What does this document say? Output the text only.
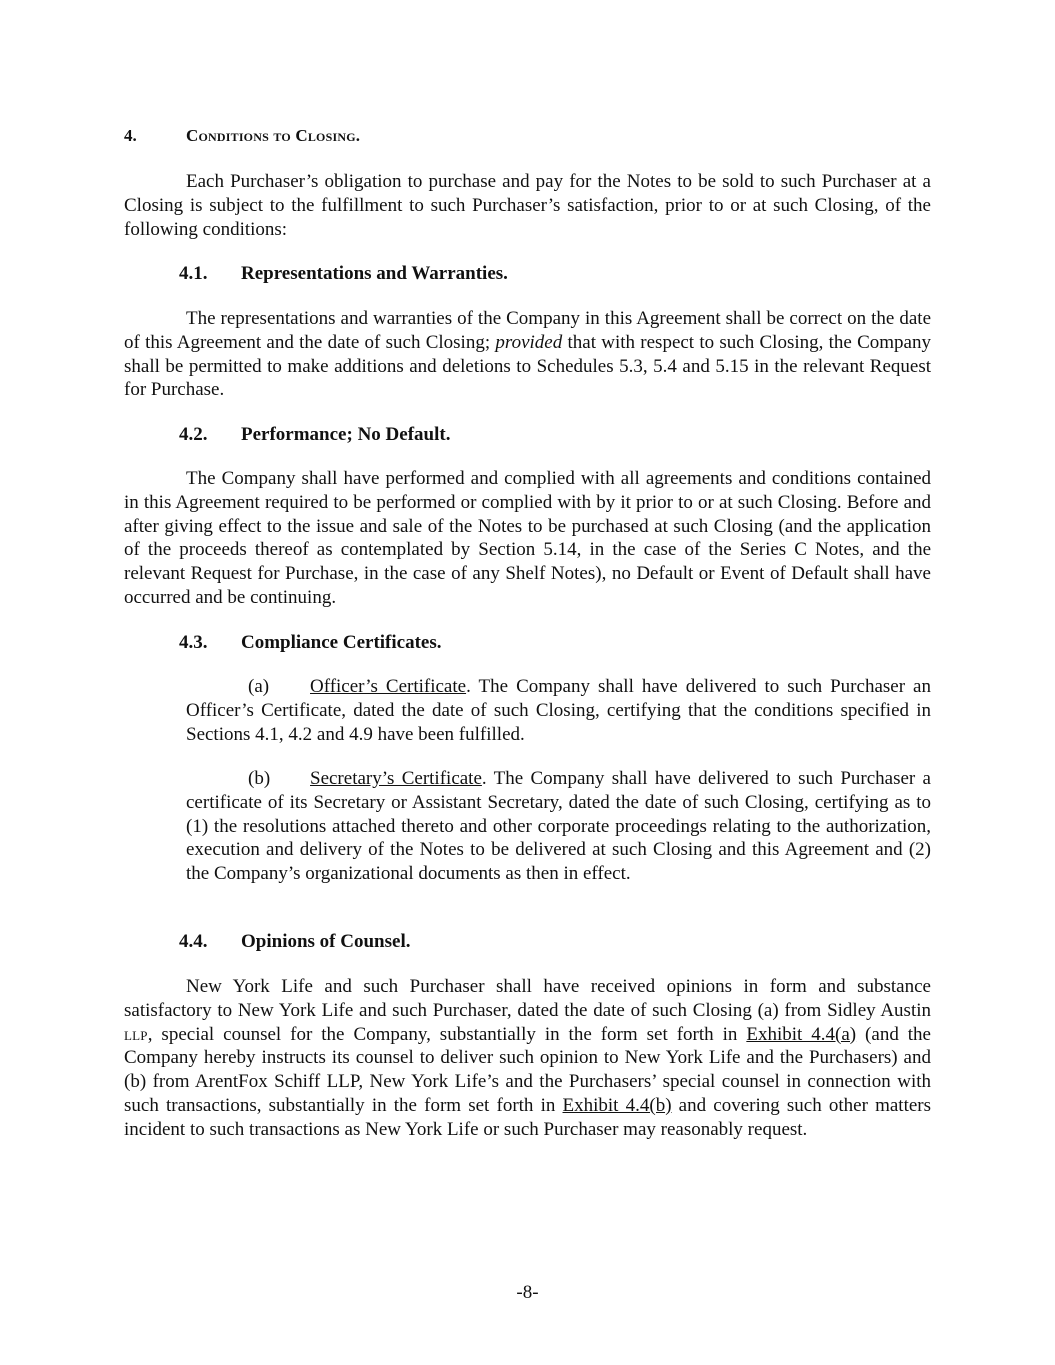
4.	Conditions to Closing.
Each Purchaser’s obligation to purchase and pay for the Notes to be sold to such Purchaser at a Closing is subject to the fulfillment to such Purchaser’s satisfaction, prior to or at such Closing, of the following conditions:
4.1. Representations and Warranties.
The representations and warranties of the Company in this Agreement shall be correct on the date of this Agreement and the date of such Closing; provided that with respect to such Closing, the Company shall be permitted to make additions and deletions to Schedules 5.3, 5.4 and 5.15 in the relevant Request for Purchase.
4.2. Performance; No Default.
The Company shall have performed and complied with all agreements and conditions contained in this Agreement required to be performed or complied with by it prior to or at such Closing. Before and after giving effect to the issue and sale of the Notes to be purchased at such Closing (and the application of the proceeds thereof as contemplated by Section 5.14, in the case of the Series C Notes, and the relevant Request for Purchase, in the case of any Shelf Notes), no Default or Event of Default shall have occurred and be continuing.
4.3. Compliance Certificates.
(a) Officer’s Certificate. The Company shall have delivered to such Purchaser an Officer’s Certificate, dated the date of such Closing, certifying that the conditions specified in Sections 4.1, 4.2 and 4.9 have been fulfilled.
(b) Secretary’s Certificate. The Company shall have delivered to such Purchaser a certificate of its Secretary or Assistant Secretary, dated the date of such Closing, certifying as to (1) the resolutions attached thereto and other corporate proceedings relating to the authorization, execution and delivery of the Notes to be delivered at such Closing and this Agreement and (2) the Company’s organizational documents as then in effect.
4.4. Opinions of Counsel.
New York Life and such Purchaser shall have received opinions in form and substance satisfactory to New York Life and such Purchaser, dated the date of such Closing (a) from Sidley Austin llp, special counsel for the Company, substantially in the form set forth in Exhibit 4.4(a) (and the Company hereby instructs its counsel to deliver such opinion to New York Life and the Purchasers) and (b) from ArentFox Schiff LLP, New York Life’s and the Purchasers’ special counsel in connection with such transactions, substantially in the form set forth in Exhibit 4.4(b) and covering such other matters incident to such transactions as New York Life or such Purchaser may reasonably request.
-8-
